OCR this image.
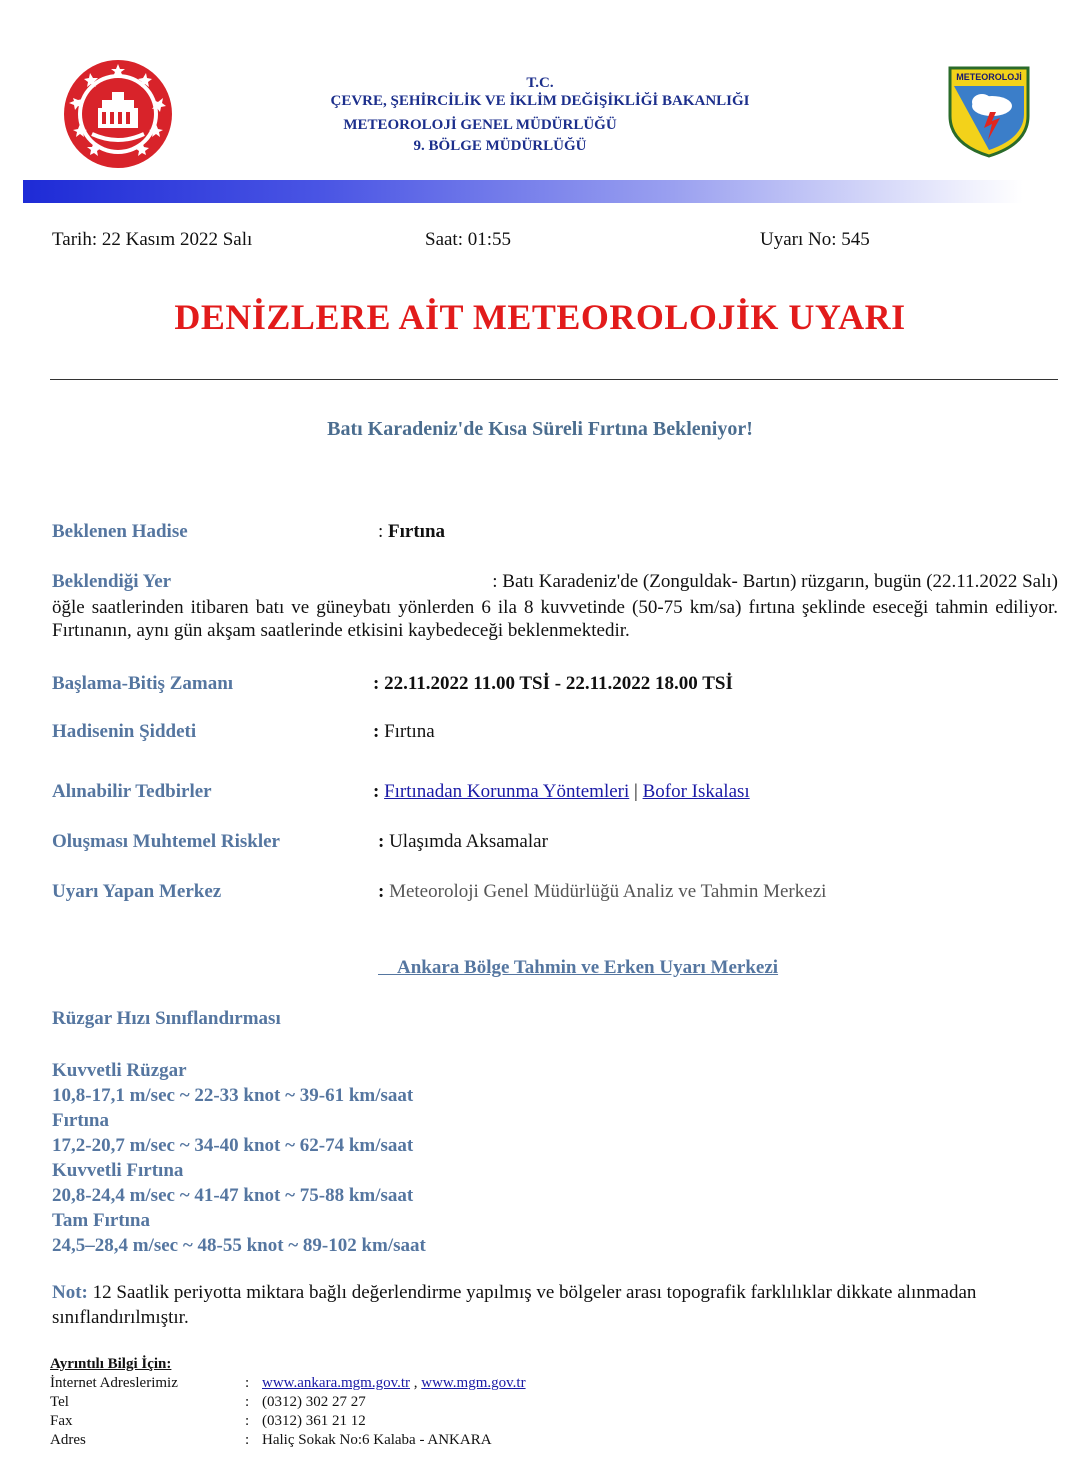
T.C.
ÇEVRE, ŞEHİRCİLİK VE İKLİM DEĞİŞİKLİĞİ BAKANLIĞI
METEOROLOJİ GENEL MÜDÜRLÜĞÜ
9. BÖLGE MÜDÜRLÜĞÜ
METEOROLOJİ
Tarih: 22 Kasım 2022 Salı	Saat: 01:55	Uyarı No: 545
DENİZLERE AİT METEOROLOJİK UYARI
Batı Karadeniz'de Kısa Süreli Fırtına Bekleniyor!
Beklenen Hadise	: Fırtına
Beklendiği Yer	: Batı Karadeniz'de (Zonguldak- Bartın) rüzgarın, bugün (22.11.2022 Salı)
öğle saatlerinden itibaren batı ve güneybatı yönlerden 6 ila 8 kuvvetinde (50-75 km/sa) fırtına şeklinde eseceği tahmin ediliyor. Fırtınanın, aynı gün akşam saatlerinde etkisini kaybedeceği beklenmektedir.
Başlama-Bitiş Zamanı	: 22.11.2022 11.00 TSİ - 22.11.2022 18.00 TSİ
Hadisenin Şiddeti	: Fırtına
Alınabilir Tedbirler	: Fırtınadan Korunma Yöntemleri | Bofor Iskalası
Oluşması Muhtemel Riskler	: Ulaşımda Aksamalar
Uyarı Yapan Merkez	: Meteoroloji Genel Müdürlüğü Analiz ve Tahmin Merkezi
Ankara Bölge Tahmin ve Erken Uyarı Merkezi
Rüzgar Hızı Sınıflandırması
Kuvvetli Rüzgar
10,8-17,1 m/sec ~ 22-33 knot ~ 39-61 km/saat
Fırtına
17,2-20,7 m/sec ~ 34-40 knot ~ 62-74 km/saat
Kuvvetli Fırtına
20,8-24,4 m/sec ~ 41-47 knot ~ 75-88 km/saat
Tam Fırtına
24,5–28,4 m/sec ~ 48-55 knot ~ 89-102 km/saat
Not: 12 Saatlik periyotta miktara bağlı değerlendirme yapılmış ve bölgeler arası topografik farklılıklar dikkate alınmadan sınıflandırılmıştır.
Ayrıntılı Bilgi İçin:
İnternet Adreslerimiz	: www.ankara.mgm.gov.tr , www.mgm.gov.tr
Tel	: (0312) 302 27 27
Fax	: (0312) 361 21 12
Adres	: Haliç Sokak No:6 Kalaba - ANKARA
